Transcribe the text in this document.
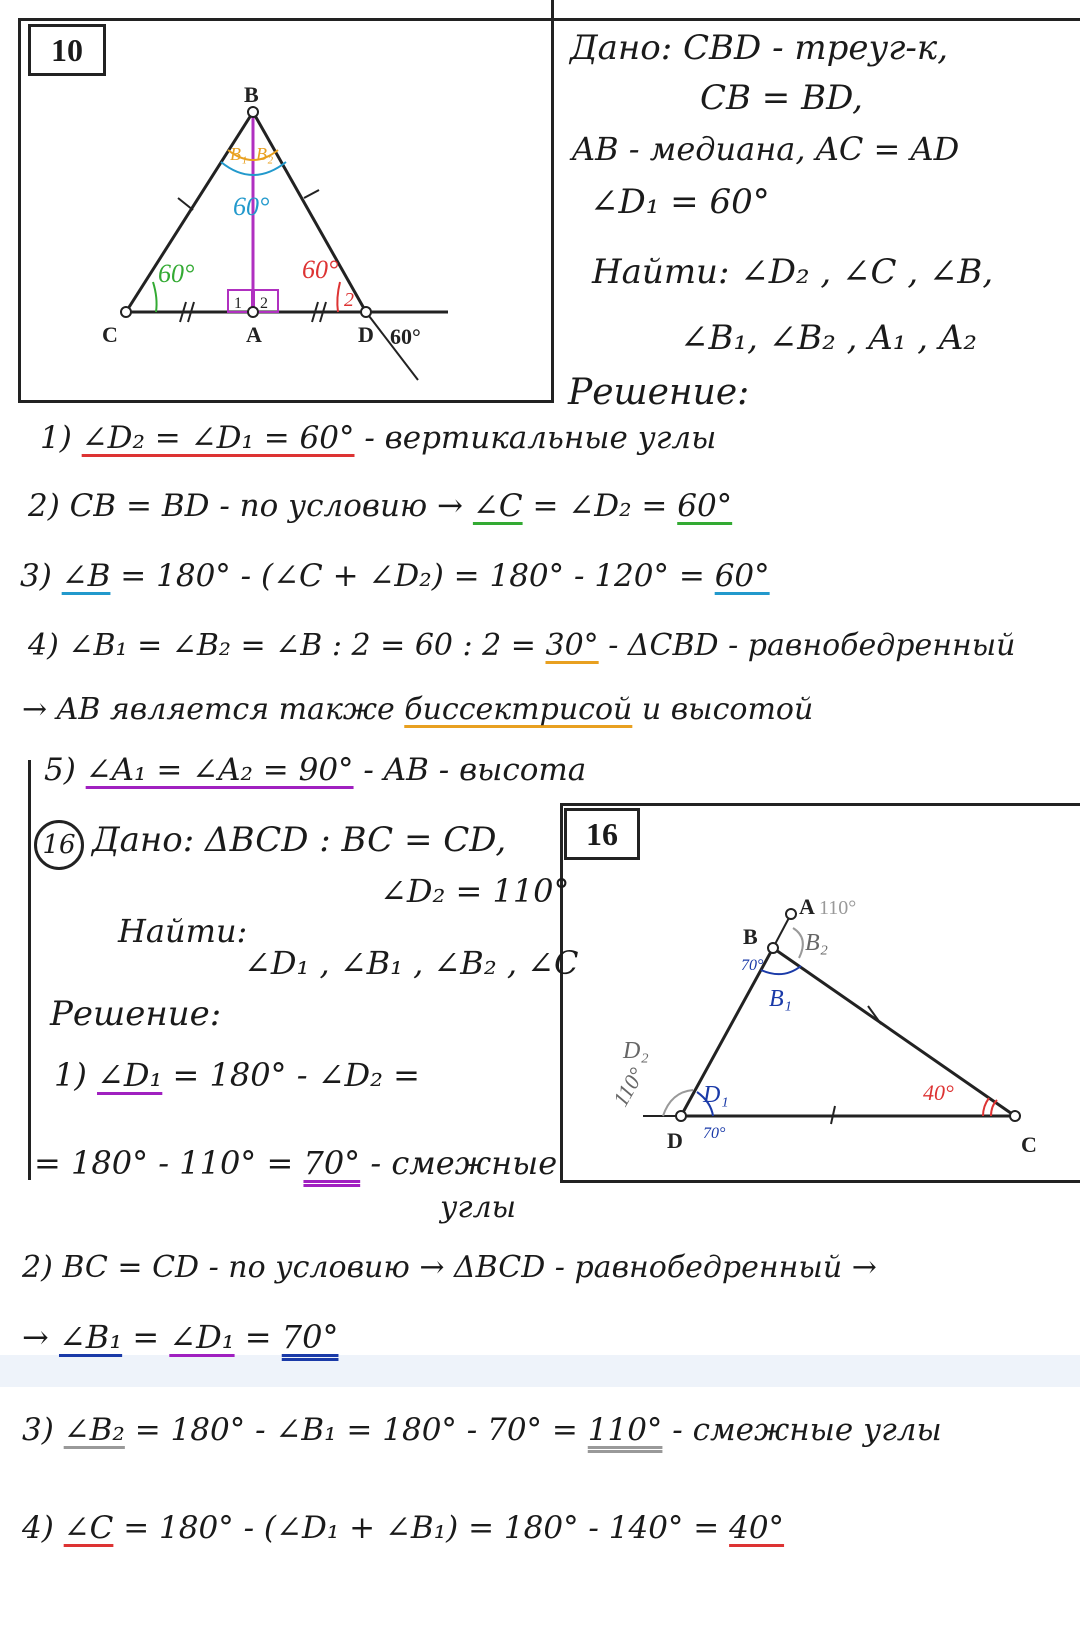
10
B
C	A	D
B₁ B₂
60°
60°	60°
2
1 2
60°
Дано: CBD - треуг-к,
CB = BD,
AB - медиана, AC = AD
∠D₁ = 60°
Найти: ∠D₂ , ∠C , ∠B,
∠B₁, ∠B₂ , A₁ , A₂
Решение:
1) ∠D₂ = ∠D₁ = 60° - вертикальные углы
2) CB = BD - по условию → ∠C = ∠D₂ = 60°
3) ∠B = 180° - (∠C + ∠D₂) = 180° - 120° = 60°
4) ∠B₁ = ∠B₂ = ∠B : 2 = 60 : 2 = 30° - ΔCBD - равнобедренный
→ AB является также биссектрисой и высотой
5) ∠A₁ = ∠A₂ = 90° - AB - высота
16 Дано: ΔBCD : BC = CD,
∠D₂ = 110°
Найти:
∠D₁ , ∠B₁ , ∠B₂ , ∠C
Решение:
16
A 110°
B B₂
70°
B₁
D₂
110° D₁
D 70°	C
40°
1) ∠D₁ = 180° - ∠D₂ =
= 180° - 110° = 70° - смежные
углы
2) BC = CD - по условию → ΔBCD - равнобедренный →
→ ∠B₁ = ∠D₁ = 70°
3) ∠B₂ = 180° - ∠B₁ = 180° - 70° = 110° - смежные углы
4) ∠C = 180° - (∠D₁ + ∠B₁) = 180° - 140° = 40°
